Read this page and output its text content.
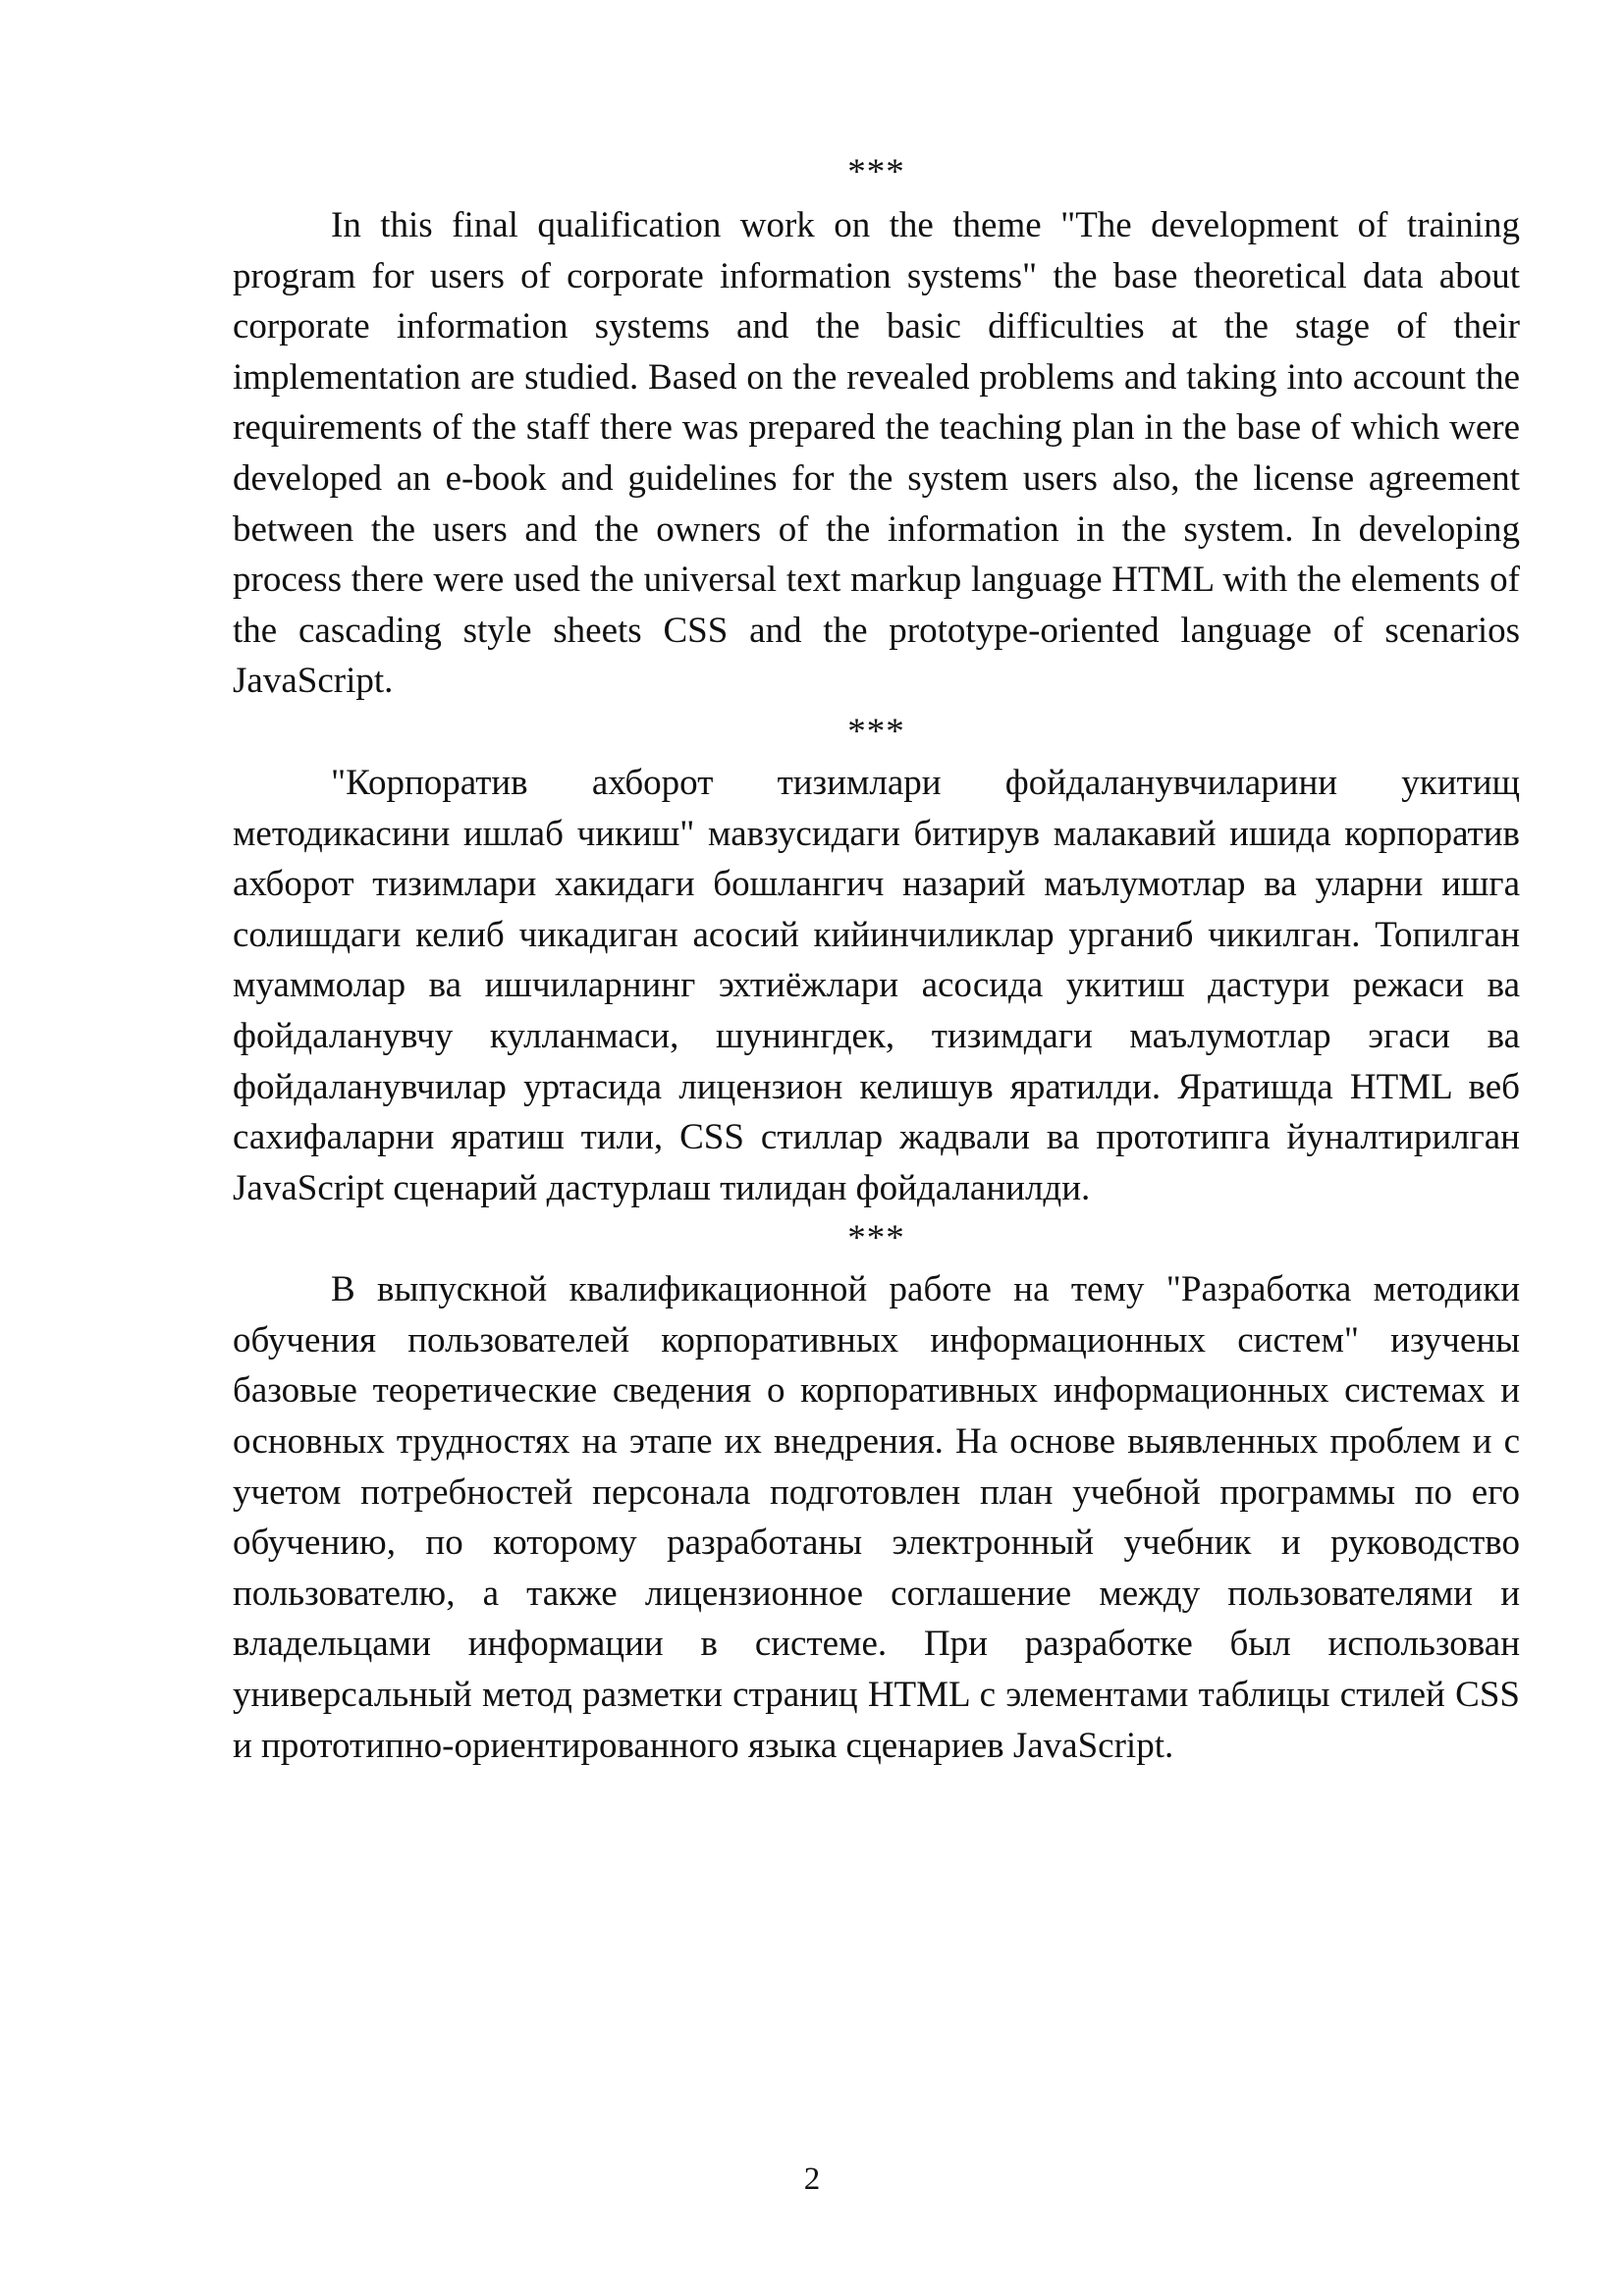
***

In this final qualification work on the theme "The development of training program for users of corporate information systems" the base theoretical data about corporate information systems and the basic difficulties at the stage of their implementation are studied. Based on the revealed problems and taking into account the requirements of the staff there was prepared the teaching plan in the base of which were developed an e-book and guidelines for the system users also, the license agreement between the users and the owners of the information in the system. In developing process there were used the universal text markup language HTML with the elements of the cascading style sheets CSS and the prototype-oriented language of scenarios JavaScript.

***

"Корпоратив ахборот тизимлари фойдаланувчиларини укитищ методикасини ишлаб чикиш" мавзусидаги битирув малакавий ишида корпоратив ахборот тизимлари хакидаги бошлангич назарий маълумотлар ва уларни ишга солишдаги келиб чикадиган асосий кийинчиликлар урганиб чикилган. Топилган муаммолар ва ишчиларнинг эхтиёжлари асосида укитиш дастури режаси ва фойдаланувчу кулланмаси, шунингдек, тизимдаги маълумотлар эгаси ва фойдаланувчилар уртасида лицензион келишув яратилди. Яратишда HTML веб сахифаларни яратиш тили, CSS стиллар жадвали ва прототипга йуналтирилган JavaScript сценарий дастурлаш тилидан фойдаланилди.

***

В выпускной квалификационной работе на тему "Разработка методики обучения пользователей корпоративных информационных систем" изучены базовые теоретические сведения о корпоративных информационных системах и основных трудностях на этапе их внедрения. На основе выявленных проблем и с учетом потребностей персонала подготовлен план учебной программы по его обучению, по которому разработаны электронный учебник и руководство пользователю, а также лицензионное соглашение между пользователями и владельцами информации в системе. При разработке был использован универсальный метод разметки страниц HTML с элементами таблицы стилей CSS и прототипно-ориентированного языка сценариев JavaScript.

2
